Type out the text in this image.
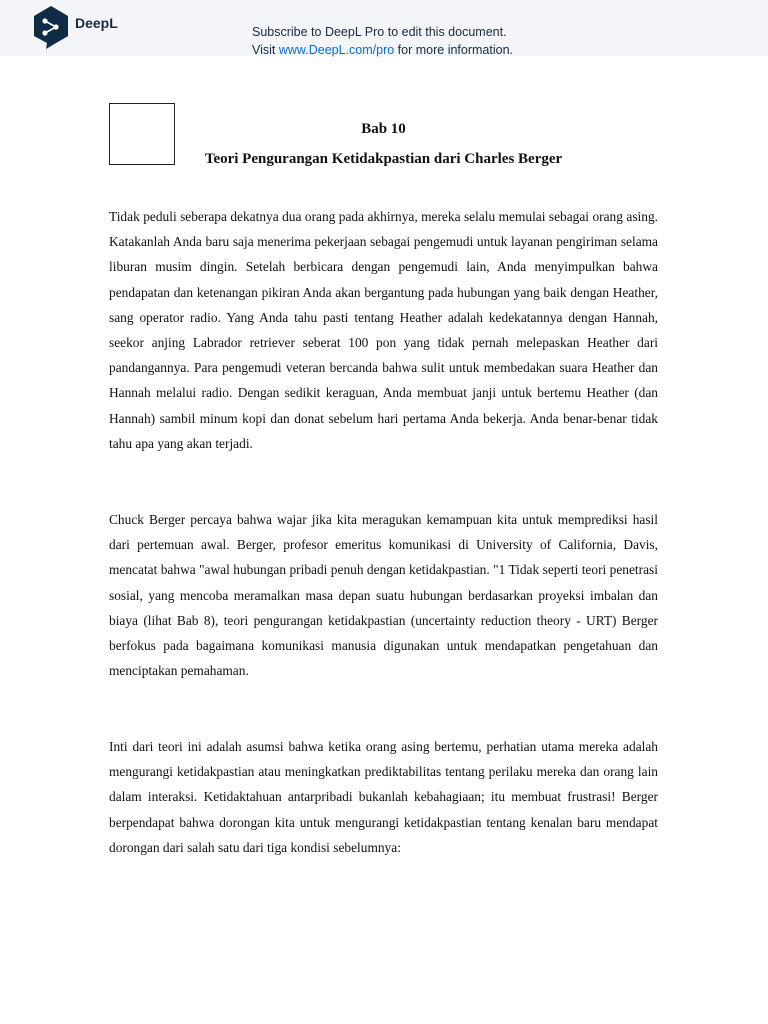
DeepL
Subscribe to DeepL Pro to edit this document.
Visit www.DeepL.com/pro for more information.
Bab 10
Teori Pengurangan Ketidakpastian dari Charles Berger

Tidak peduli seberapa dekatnya dua orang pada akhirnya, mereka selalu memulai sebagai orang asing. Katakanlah Anda baru saja menerima pekerjaan sebagai pengemudi untuk layanan pengiriman selama liburan musim dingin. Setelah berbicara dengan pengemudi lain, Anda menyimpulkan bahwa pendapatan dan ketenangan pikiran Anda akan bergantung pada hubungan yang baik dengan Heather, sang operator radio. Yang Anda tahu pasti tentang Heather adalah kedekatannya dengan Hannah, seekor anjing Labrador retriever seberat 100 pon yang tidak pernah melepaskan Heather dari pandangannya. Para pengemudi veteran bercanda bahwa sulit untuk membedakan suara Heather dan Hannah melalui radio. Dengan sedikit keraguan, Anda membuat janji untuk bertemu Heather (dan Hannah) sambil minum kopi dan donat sebelum hari pertama Anda bekerja. Anda benar-benar tidak tahu apa yang akan terjadi.

Chuck Berger percaya bahwa wajar jika kita meragukan kemampuan kita untuk memprediksi hasil dari pertemuan awal. Berger, profesor emeritus komunikasi di University of California, Davis, mencatat bahwa "awal hubungan pribadi penuh dengan ketidakpastian. "1 Tidak seperti teori penetrasi sosial, yang mencoba meramalkan masa depan suatu hubungan berdasarkan proyeksi imbalan dan biaya (lihat Bab 8), teori pengurangan ketidakpastian (uncertainty reduction theory - URT) Berger berfokus pada bagaimana komunikasi manusia digunakan untuk mendapatkan pengetahuan dan menciptakan pemahaman.

Inti dari teori ini adalah asumsi bahwa ketika orang asing bertemu, perhatian utama mereka adalah mengurangi ketidakpastian atau meningkatkan prediktabilitas tentang perilaku mereka dan orang lain dalam interaksi. Ketidaktahuan antarpribadi bukanlah kebahagiaan; itu membuat frustrasi! Berger berpendapat bahwa dorongan kita untuk mengurangi ketidakpastian tentang kenalan baru mendapat dorongan dari salah satu dari tiga kondisi sebelumnya:
